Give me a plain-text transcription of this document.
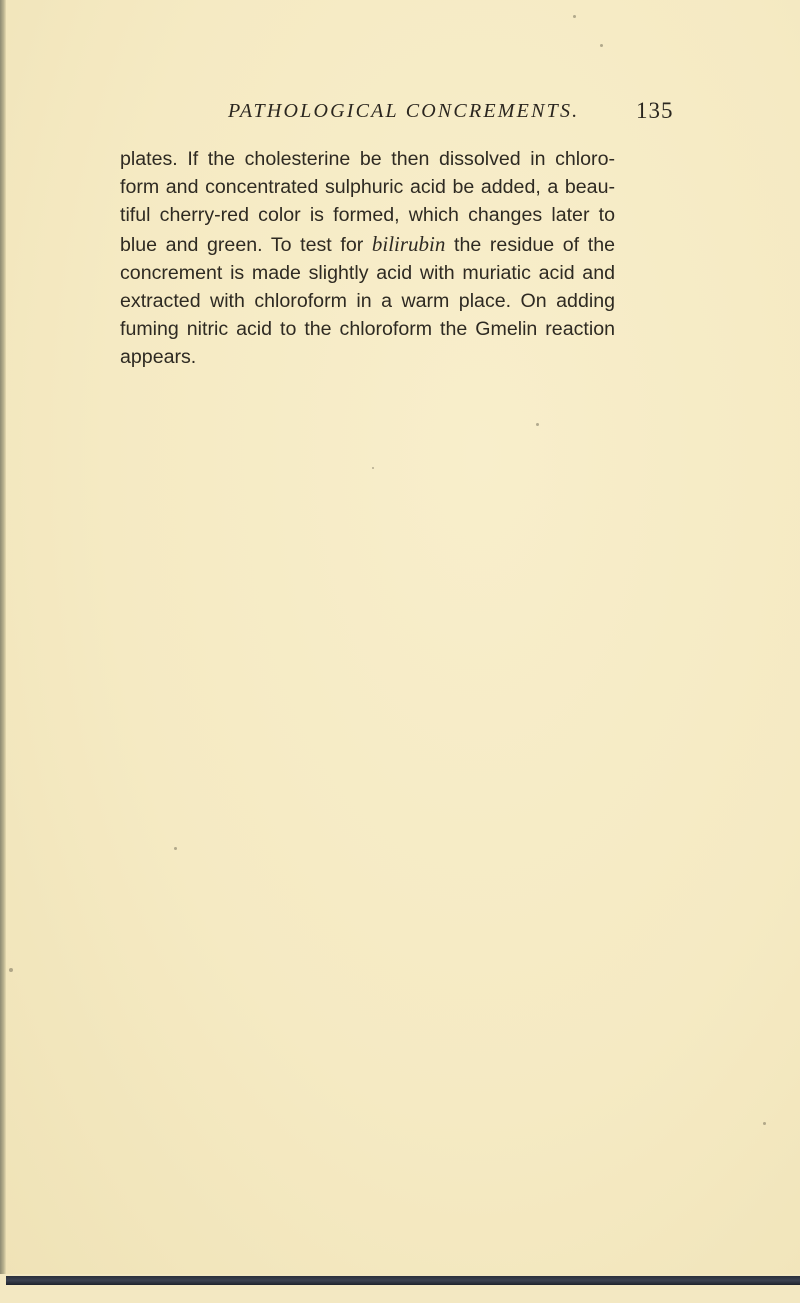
PATHOLOGICAL CONCREMENTS. 135

plates. If the cholesterine be then dissolved in chloro-form and concentrated sulphuric acid be added, a beau-tiful cherry-red color is formed, which changes later to blue and green. To test for bilirubin the residue of the concrement is made slightly acid with muriatic acid and extracted with chloroform in a warm place. On adding fuming nitric acid to the chloroform the Gmelin reaction appears.
